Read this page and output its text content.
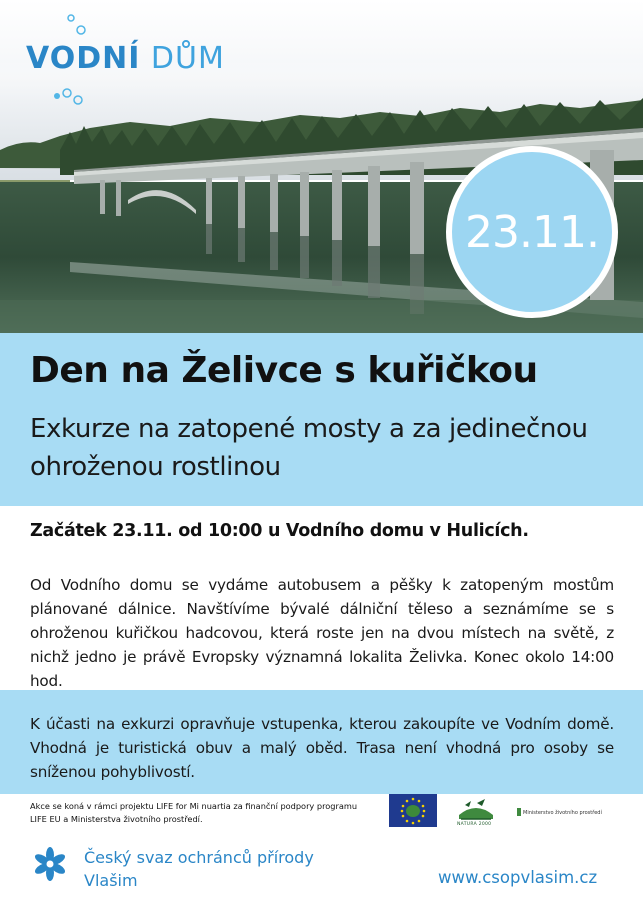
VODNÍ DŮM
23.11.
Den na Želivce s kuřičkou
Exkurze na zatopené mosty a za jedinečnou ohroženou rostlinou
Začátek 23.11. od 10:00 u Vodního domu v Hulicích.
Od Vodního domu se vydáme autobusem a pěšky k zatopeným mostům plánované dálnice. Navštívíme bývalé dálniční těleso a seznámíme se s ohroženou kuřičkou hadcovou, která roste jen na dvou místech na světě, z nichž jedno je právě Evropsky významná lokalita Želivka. Konec okolo 14:00 hod.
K účasti na exkurzi opravňuje vstupenka, kterou zakoupíte ve Vodním domě. Vhodná je turistická obuv a malý oběd. Trasa není vhodná pro osoby se sníženou pohyblivostí.
Akce se koná v rámci projektu LIFE for Mi nuartia za finanční podpory programu LIFE EU a Ministerstva životního prostředí.
NATURA 2000
Ministerstvo životního prostředí
Český svaz ochránců přírody
Vlašim	www.csopvlasim.cz
